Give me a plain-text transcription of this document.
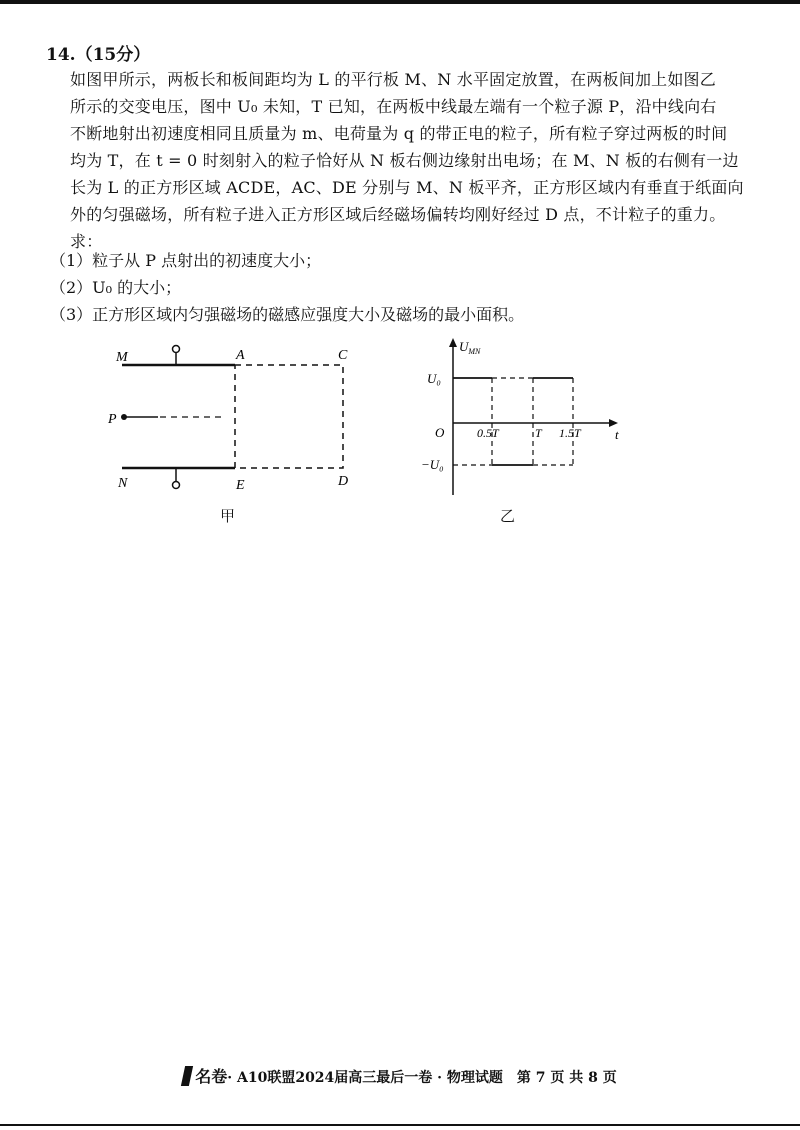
14.（15分）

如图甲所示，两板长和板间距均为 L 的平行板 M、N 水平固定放置，在两板间加上如图乙

所示的交变电压，图中 U₀ 未知，T 已知，在两板中线最左端有一个粒子源 P，沿中线向右

不断地射出初速度相同且质量为 m、电荷量为 q 的带正电的粒子，所有粒子穿过两板的时间

均为 T，在 t = 0 时刻射入的粒子恰好从 N 板右侧边缘射出电场；在 M、N 板的右侧有一边

长为 L 的正方形区域 ACDE，AC、DE 分别与 M、N 板平齐，正方形区域内有垂直于纸面向

外的匀强磁场，所有粒子进入正方形区域后经磁场偏转均刚好经过 D 点，不计粒子的重力。

求：

（1）粒子从 P 点射出的初速度大小；
（2）U₀ 的大小；
（3）正方形区域内匀强磁场的磁感应强度大小及磁场的最小面积。
M
N
P
A	C
D
E
甲
$U_{MN}$
t
O
U₀
−U₀
0.5T	T 1.5T
乙
名卷· A10联盟2024届高三最后一卷 · 物理试题　第 7 页 共 8 页
